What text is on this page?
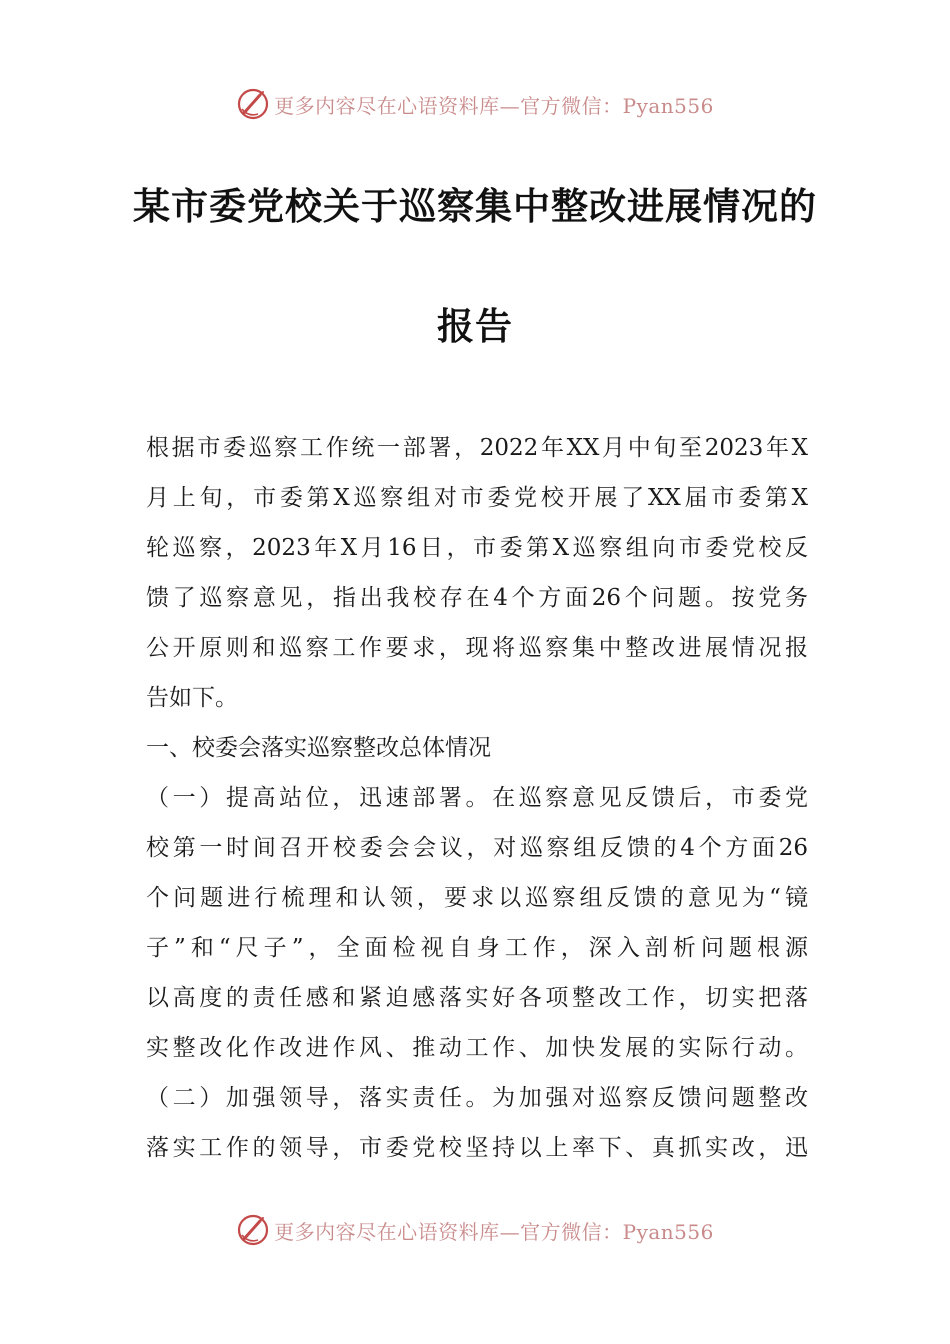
更多内容尽在心语资料库—官方微信：Pyan556
某市委党校关于巡察集中整改进展情况的
报告
根据市委巡察工作统一部署，2022年XX月中旬至2023年X
月上旬，市委第X巡察组对市委党校开展了XX届市委第X
轮巡察，2023年X月16日，市委第X巡察组向市委党校反
馈了巡察意见，指出我校存在4个方面26个问题。按党务
公开原则和巡察工作要求，现将巡察集中整改进展情况报
告如下。
一、校委会落实巡察整改总体情况
（一）提高站位，迅速部署。在巡察意见反馈后，市委党
校第一时间召开校委会会议，对巡察组反馈的4个方面26
个问题进行梳理和认领，要求以巡察组反馈的意见为“镜
子”和“尺子”，全面检视自身工作，深入剖析问题根源
以高度的责任感和紧迫感落实好各项整改工作，切实把落
实整改化作改进作风、推动工作、加快发展的实际行动。
（二）加强领导，落实责任。为加强对巡察反馈问题整改
落实工作的领导，市委党校坚持以上率下、真抓实改，迅
更多内容尽在心语资料库—官方微信：Pyan556
